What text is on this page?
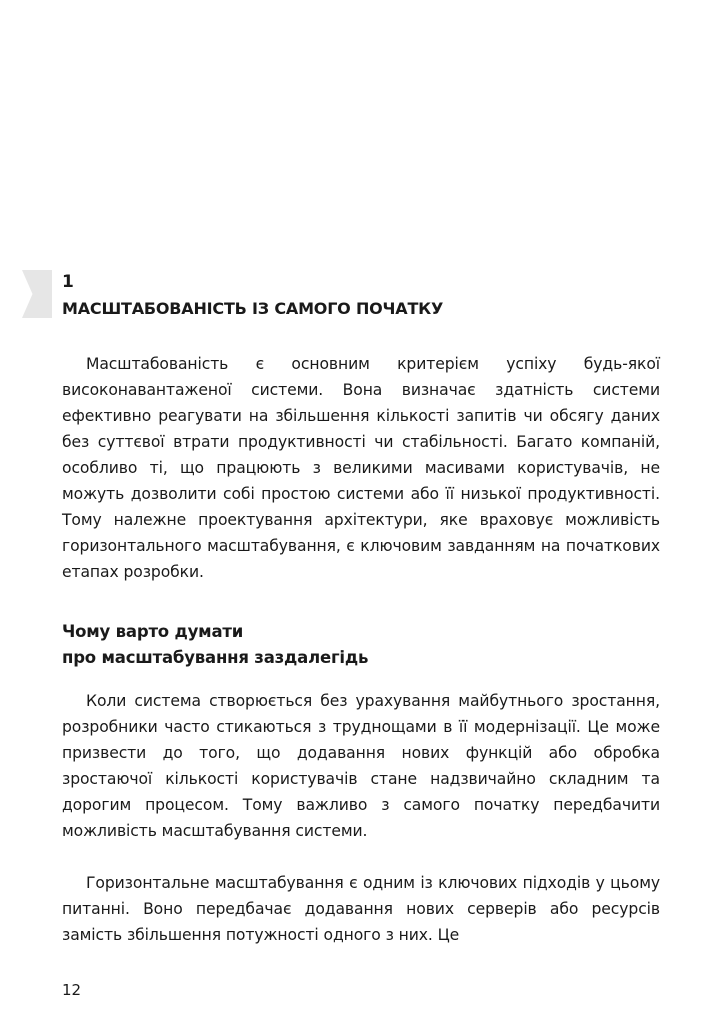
1
МАСШТАБОВАНІСТЬ ІЗ САМОГО ПОЧАТКУ

Масштабованість є основним критерієм успіху будь-якої високонавантаженої системи. Вона визначає здатність системи ефективно реагувати на збільшення кількості запитів чи обсягу даних без суттєвої втрати продуктивності чи стабільності. Багато компаній, особливо ті, що працюють з великими масивами користувачів, не можуть дозволити собі простою системи або її низької продуктивності. Тому належне проектування архітектури, яке враховує можливість горизонтального масштабування, є ключовим завданням на початкових етапах розробки.

Чому варто думати
про масштабування заздалегідь

Коли система створюється без урахування майбутнього зростання, розробники часто стикаються з труднощами в її модернізації. Це може призвести до того, що додавання нових функцій або обробка зростаючої кількості користувачів стане надзвичайно складним та дорогим процесом. Тому важливо з самого початку передбачити можливість масштабування системи.

Горизонтальне масштабування є одним із ключових підходів у цьому питанні. Воно передбачає додавання нових серверів або ресурсів замість збільшення потужності одного з них. Це

12
